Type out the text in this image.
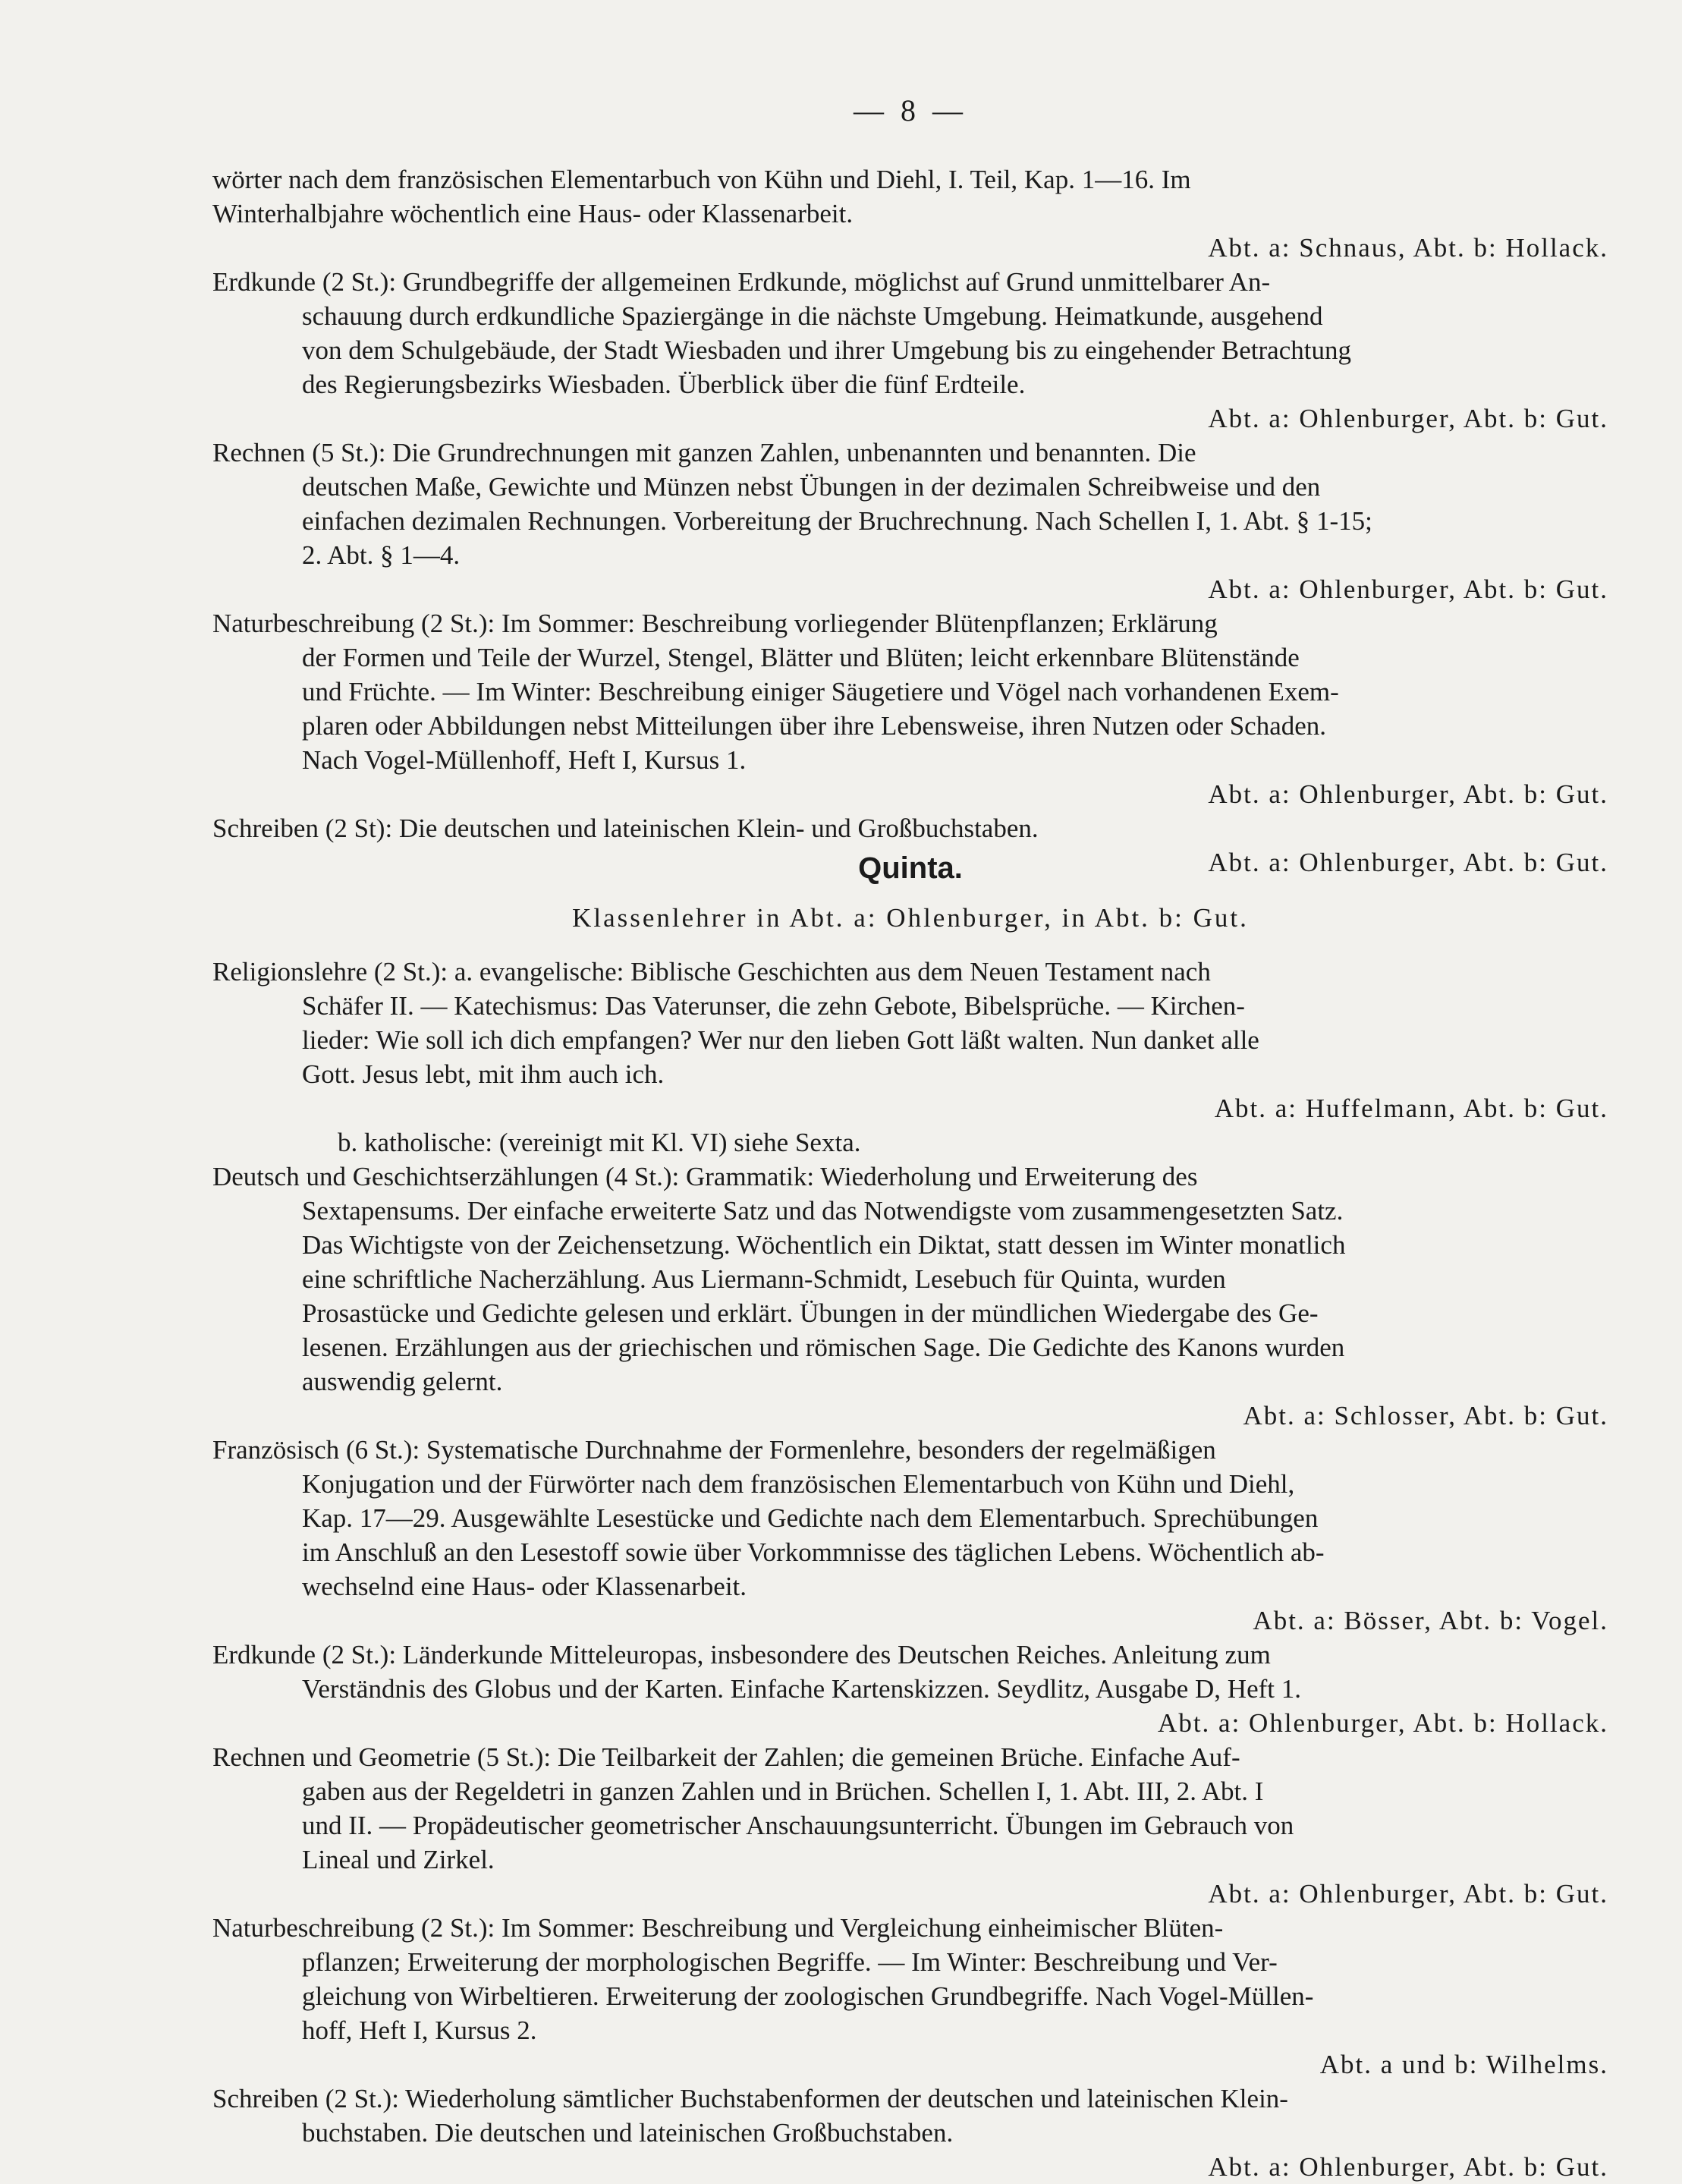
— 8 —
wörter nach dem französischen Elementarbuch von Kühn und Diehl, I. Teil, Kap. 1—16. Im
Winterhalbjahre wöchentlich eine Haus- oder Klassenarbeit.
Abt. a: Schnaus, Abt. b: Hollack.
Erdkunde (2 St.): Grundbegriffe der allgemeinen Erdkunde, möglichst auf Grund unmittelbarer An-
schauung durch erdkundliche Spaziergänge in die nächste Umgebung. Heimatkunde, ausgehend
von dem Schulgebäude, der Stadt Wiesbaden und ihrer Umgebung bis zu eingehender Betrachtung
des Regierungsbezirks Wiesbaden. Überblick über die fünf Erdteile.
Abt. a: Ohlenburger, Abt. b: Gut.
Rechnen (5 St.): Die Grundrechnungen mit ganzen Zahlen, unbenannten und benannten. Die
deutschen Maße, Gewichte und Münzen nebst Übungen in der dezimalen Schreibweise und den
einfachen dezimalen Rechnungen. Vorbereitung der Bruchrechnung. Nach Schellen I, 1. Abt. § 1-15;
2. Abt. § 1—4.
Abt. a: Ohlenburger, Abt. b: Gut.
Naturbeschreibung (2 St.): Im Sommer: Beschreibung vorliegender Blütenpflanzen; Erklärung
der Formen und Teile der Wurzel, Stengel, Blätter und Blüten; leicht erkennbare Blütenstände
und Früchte. — Im Winter: Beschreibung einiger Säugetiere und Vögel nach vorhandenen Exem-
plaren oder Abbildungen nebst Mitteilungen über ihre Lebensweise, ihren Nutzen oder Schaden.
Nach Vogel-Müllenhoff, Heft I, Kursus 1.
Abt. a: Ohlenburger, Abt. b: Gut.
Schreiben (2 St): Die deutschen und lateinischen Klein- und Großbuchstaben.
Abt. a: Ohlenburger, Abt. b: Gut.
Quinta.
Klassenlehrer in Abt. a: Ohlenburger, in Abt. b: Gut.
Religionslehre (2 St.): a. evangelische: Biblische Geschichten aus dem Neuen Testament nach
Schäfer II. — Katechismus: Das Vaterunser, die zehn Gebote, Bibelsprüche. — Kirchen-
lieder: Wie soll ich dich empfangen? Wer nur den lieben Gott läßt walten. Nun danket alle
Gott. Jesus lebt, mit ihm auch ich.
Abt. a: Huffelmann, Abt. b: Gut.
b. katholische: (vereinigt mit Kl. VI) siehe Sexta.
Deutsch und Geschichtserzählungen (4 St.): Grammatik: Wiederholung und Erweiterung des
Sextapensums. Der einfache erweiterte Satz und das Notwendigste vom zusammengesetzten Satz.
Das Wichtigste von der Zeichensetzung. Wöchentlich ein Diktat, statt dessen im Winter monatlich
eine schriftliche Nacherzählung. Aus Liermann-Schmidt, Lesebuch für Quinta, wurden
Prosastücke und Gedichte gelesen und erklärt. Übungen in der mündlichen Wiedergabe des Ge-
lesenen. Erzählungen aus der griechischen und römischen Sage. Die Gedichte des Kanons wurden
auswendig gelernt.
Abt. a: Schlosser, Abt. b: Gut.
Französisch (6 St.): Systematische Durchnahme der Formenlehre, besonders der regelmäßigen
Konjugation und der Fürwörter nach dem französischen Elementarbuch von Kühn und Diehl,
Kap. 17—29. Ausgewählte Lesestücke und Gedichte nach dem Elementarbuch. Sprechübungen
im Anschluß an den Lesestoff sowie über Vorkommnisse des täglichen Lebens. Wöchentlich ab-
wechselnd eine Haus- oder Klassenarbeit.
Abt. a: Bösser, Abt. b: Vogel.
Erdkunde (2 St.): Länderkunde Mitteleuropas, insbesondere des Deutschen Reiches. Anleitung zum
Verständnis des Globus und der Karten. Einfache Kartenskizzen. Seydlitz, Ausgabe D, Heft 1.
Abt. a: Ohlenburger, Abt. b: Hollack.
Rechnen und Geometrie (5 St.): Die Teilbarkeit der Zahlen; die gemeinen Brüche. Einfache Auf-
gaben aus der Regeldetri in ganzen Zahlen und in Brüchen. Schellen I, 1. Abt. III, 2. Abt. I
und II. — Propädeutischer geometrischer Anschauungsunterricht. Übungen im Gebrauch von
Lineal und Zirkel.
Abt. a: Ohlenburger, Abt. b: Gut.
Naturbeschreibung (2 St.): Im Sommer: Beschreibung und Vergleichung einheimischer Blüten-
pflanzen; Erweiterung der morphologischen Begriffe. — Im Winter: Beschreibung und Ver-
gleichung von Wirbeltieren. Erweiterung der zoologischen Grundbegriffe. Nach Vogel-Müllen-
hoff, Heft I, Kursus 2.
Abt. a und b: Wilhelms.
Schreiben (2 St.): Wiederholung sämtlicher Buchstabenformen der deutschen und lateinischen Klein-
buchstaben. Die deutschen und lateinischen Großbuchstaben.
Abt. a: Ohlenburger, Abt. b: Gut.
